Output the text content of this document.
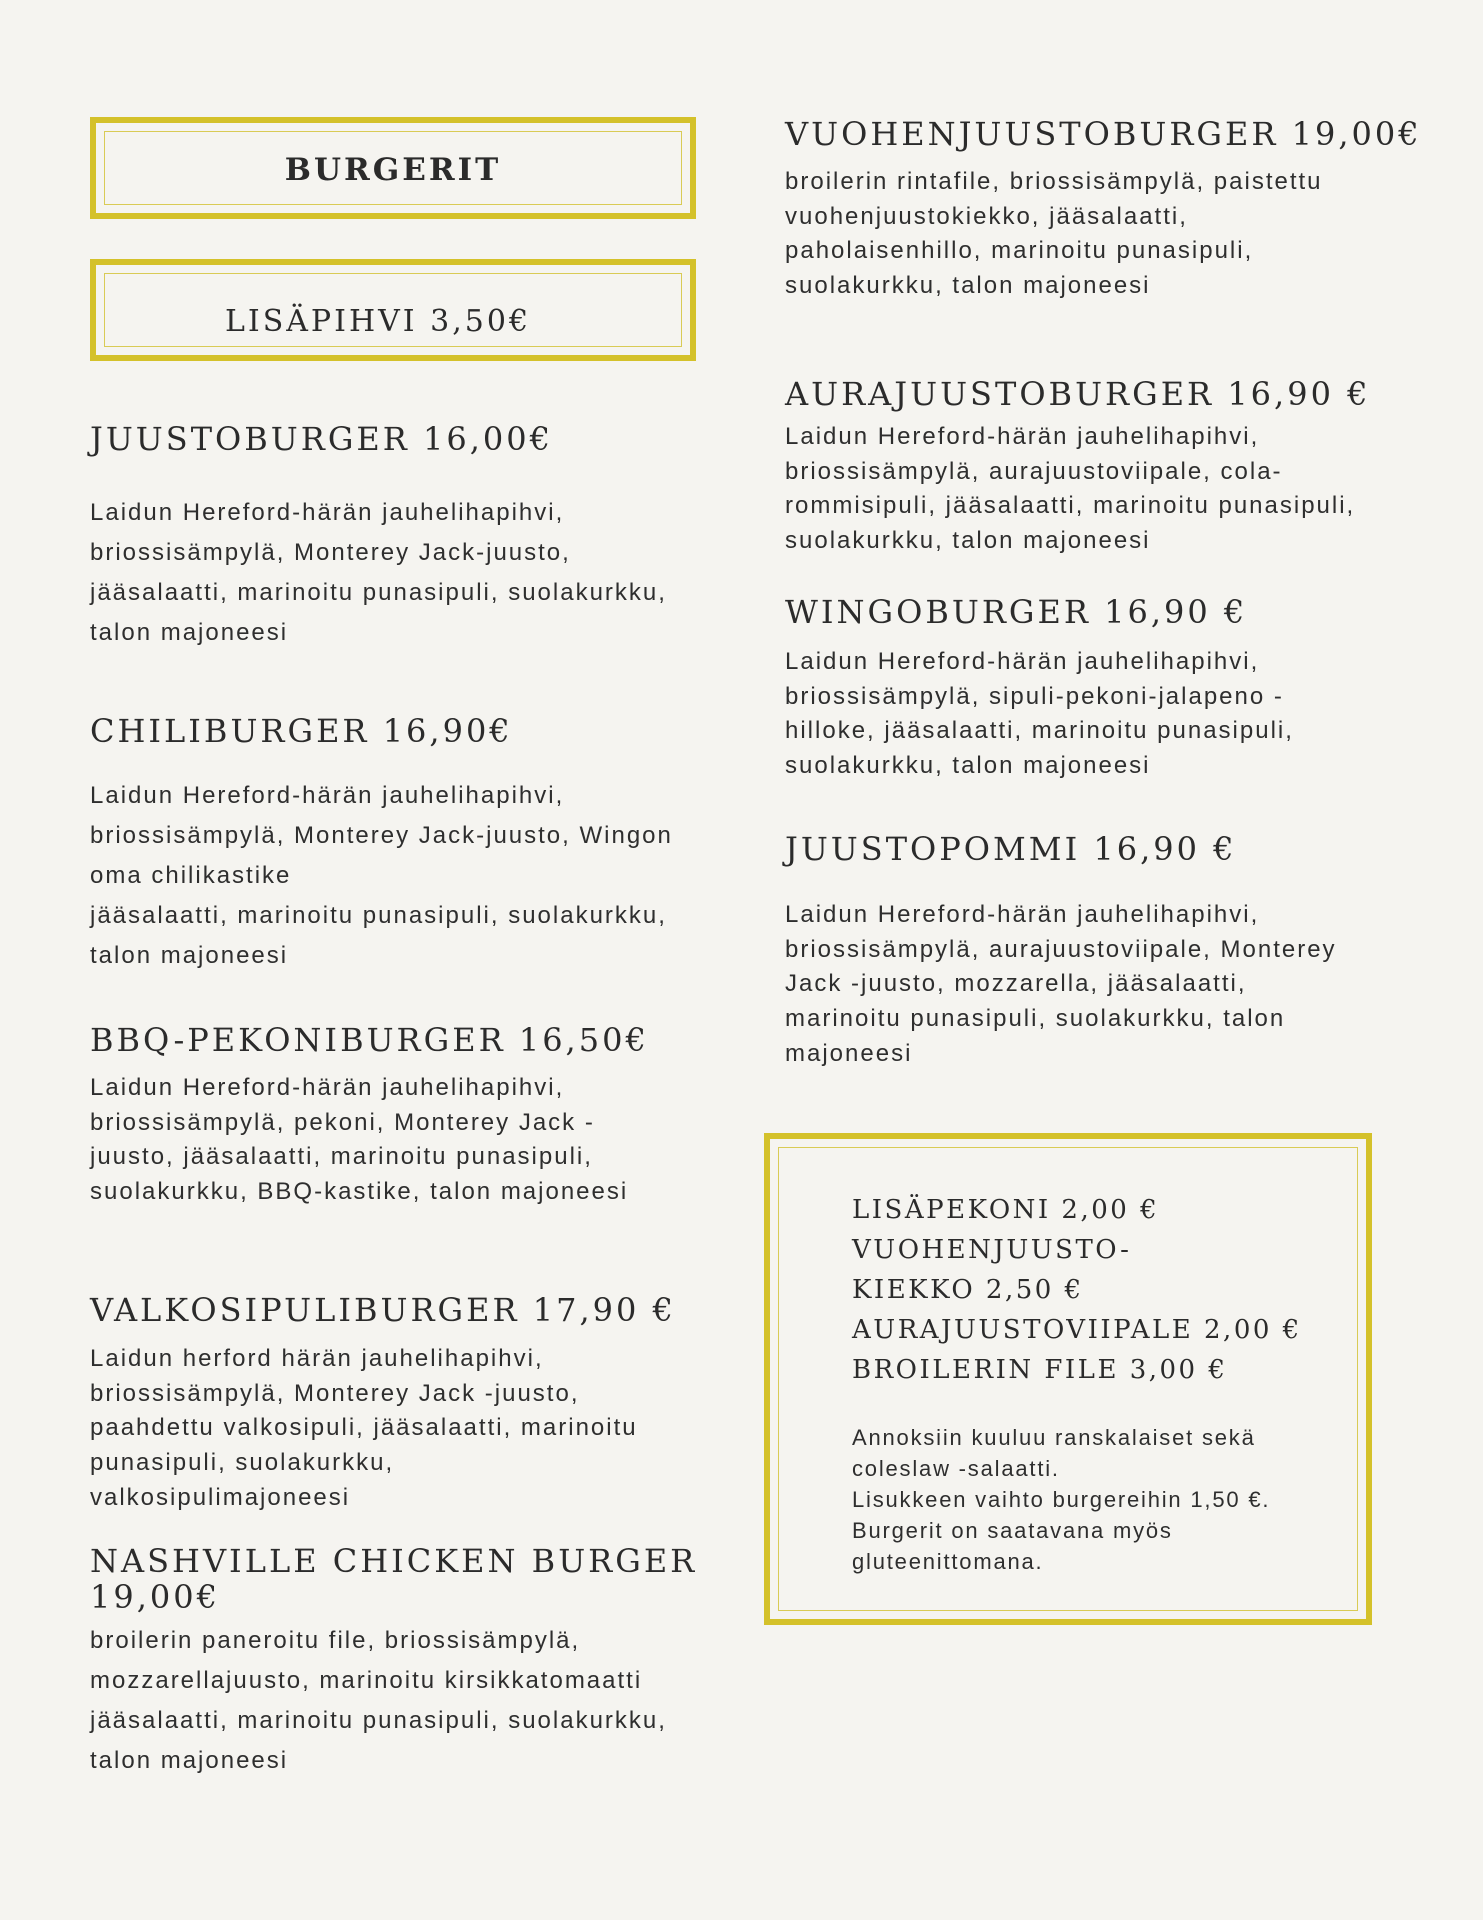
BURGERIT
LISÄPIHVI 3,50€
JUUSTOBURGER 16,00€
Laidun Hereford-härän jauhelihapihvi,
briossisämpylä, Monterey Jack-juusto,
jääsalaatti, marinoitu punasipuli, suolakurkku,
talon majoneesi
CHILIBURGER 16,90€
Laidun Hereford-härän jauhelihapihvi,
briossisämpylä, Monterey Jack-juusto, Wingon
oma chilikastike
jääsalaatti, marinoitu punasipuli, suolakurkku,
talon majoneesi
BBQ-PEKONIBURGER 16,50€
Laidun Hereford-härän jauhelihapihvi,
briossisämpylä, pekoni, Monterey Jack -
juusto, jääsalaatti, marinoitu punasipuli,
suolakurkku, BBQ-kastike, talon majoneesi
VALKOSIPULIBURGER 17,90 €
Laidun herford härän jauhelihapihvi,
briossisämpylä, Monterey Jack -juusto,
paahdettu valkosipuli, jääsalaatti, marinoitu
punasipuli, suolakurkku,
valkosipulimajoneesi
NASHVILLE CHICKEN BURGER
19,00€
broilerin paneroitu file, briossisämpylä,
mozzarellajuusto, marinoitu kirsikkatomaatti
jääsalaatti, marinoitu punasipuli, suolakurkku,
talon majoneesi
VUOHENJUUSTOBURGER 19,00€
broilerin rintafile, briossisämpylä, paistettu
vuohenjuustokiekko, jääsalaatti,
paholaisenhillo, marinoitu punasipuli,
suolakurkku, talon majoneesi
AURAJUUSTOBURGER 16,90 €
Laidun Hereford-härän jauhelihapihvi,
briossisämpylä, aurajuustoviipale, cola-
rommisipuli, jääsalaatti, marinoitu punasipuli,
suolakurkku, talon majoneesi
WINGOBURGER 16,90 €
Laidun Hereford-härän jauhelihapihvi,
briossisämpylä, sipuli-pekoni-jalapeno -
hilloke, jääsalaatti, marinoitu punasipuli,
suolakurkku, talon majoneesi
JUUSTOPOMMI 16,90 €
Laidun Hereford-härän jauhelihapihvi,
briossisämpylä, aurajuustoviipale, Monterey
Jack -juusto, mozzarella, jääsalaatti,
marinoitu punasipuli, suolakurkku, talon
majoneesi
LISÄPEKONI 2,00 €
VUOHENJUUSTO-
KIEKKO 2,50 €
AURAJUUSTOVIIPALE 2,00 €
BROILERIN FILE 3,00 €
Annoksiin kuuluu ranskalaiset sekä
coleslaw -salaatti.
Lisukkeen vaihto burgereihin 1,50 €.
Burgerit on saatavana myös
gluteenittomana.
